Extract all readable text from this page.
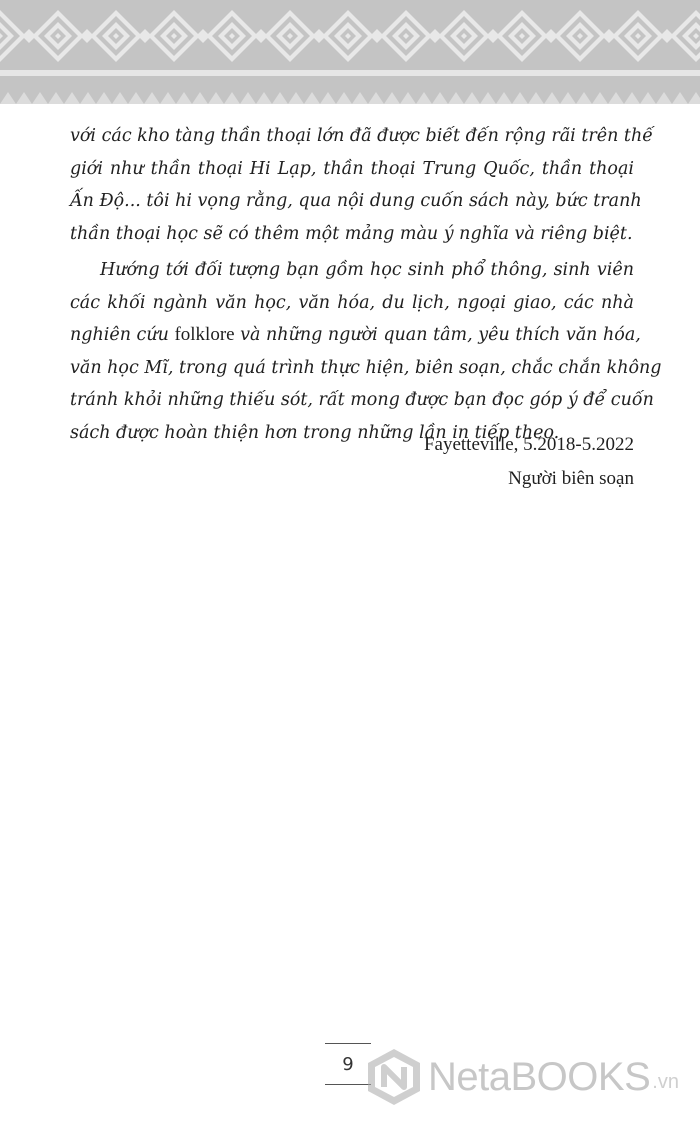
với các kho tàng thần thoại lớn đã được biết đến rộng rãi trên thế
giới như thần thoại Hi Lạp, thần thoại Trung Quốc, thần thoại
Ấn Độ... tôi hi vọng rằng, qua nội dung cuốn sách này, bức tranh
thần thoại học sẽ có thêm một mảng màu ý nghĩa và riêng biệt.

Hướng tới đối tượng bạn gồm học sinh phổ thông, sinh viên
các khối ngành văn học, văn hóa, du lịch, ngoại giao, các nhà
nghiên cứu folklore và những người quan tâm, yêu thích văn hóa,
văn học Mĩ, trong quá trình thực hiện, biên soạn, chắc chắn không
tránh khỏi những thiếu sót, rất mong được bạn đọc góp ý để cuốn
sách được hoàn thiện hơn trong những lần in tiếp theo.

Fayetteville, 5.2018-5.2022
Người biên soạn
9 NetaBOOKS .vn
